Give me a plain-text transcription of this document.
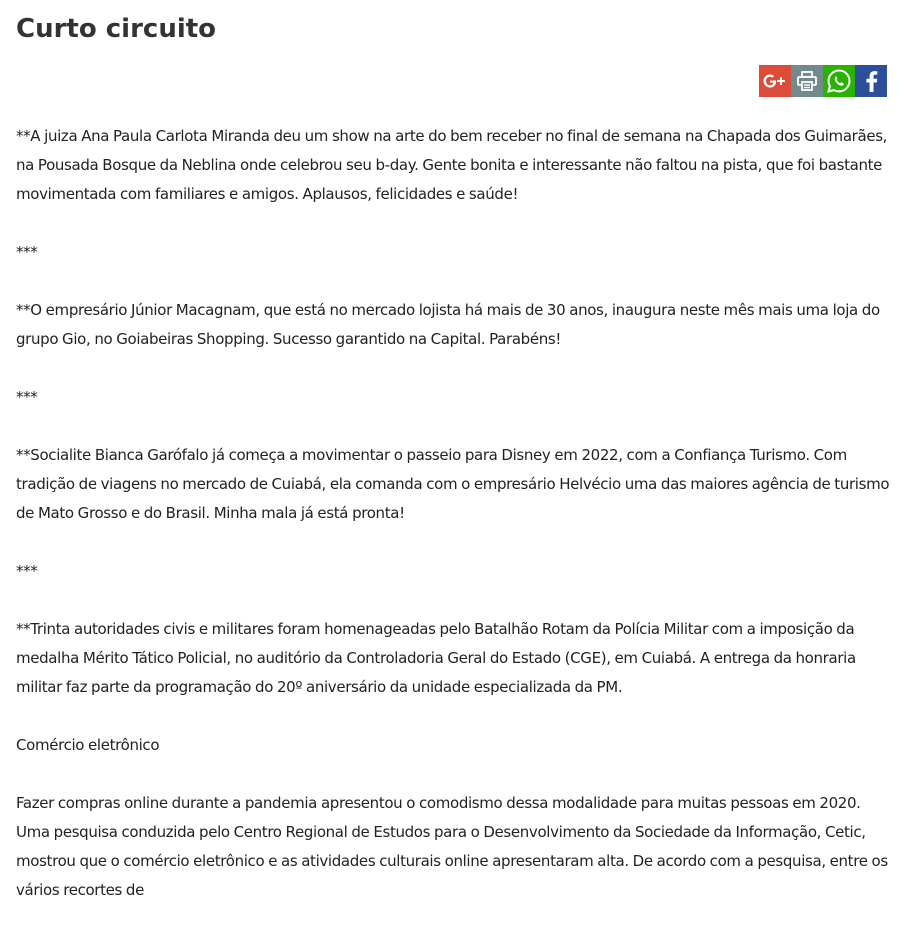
Curto circuito

**A juiza Ana Paula Carlota Miranda deu um show na arte do bem receber no final de semana na Chapada dos Guimarães, na Pousada Bosque da Neblina onde celebrou seu b-day. Gente bonita e interessante não faltou na pista, que foi bastante movimentada com familiares e amigos. Aplausos, felicidades e saúde!

***

**O empresário Júnior Macagnam, que está no mercado lojista há mais de 30 anos, inaugura neste mês mais uma loja do grupo Gio, no Goiabeiras Shopping. Sucesso garantido na Capital. Parabéns!

***

**Socialite Bianca Garófalo já começa a movimentar o passeio para Disney em 2022, com a Confiança Turismo. Com tradição de viagens no mercado de Cuiabá, ela comanda com o empresário Helvécio uma das maiores agência de turismo de Mato Grosso e do Brasil. Minha mala já está pronta!

***

**Trinta autoridades civis e militares foram homenageadas pelo Batalhão Rotam da Polícia Militar com a imposição da medalha Mérito Tático Policial, no auditório da Controladoria Geral do Estado (CGE), em Cuiabá. A entrega da honraria militar faz parte da programação do 20º aniversário da unidade especializada da PM.

Comércio eletrônico

Fazer compras online durante a pandemia apresentou o comodismo dessa modalidade para muitas pessoas em 2020. Uma pesquisa conduzida pelo Centro Regional de Estudos para o Desenvolvimento da Sociedade da Informação, Cetic, mostrou que o comércio eletrônico e as atividades culturais online apresentaram alta. De acordo com a pesquisa, entre os vários recortes de
